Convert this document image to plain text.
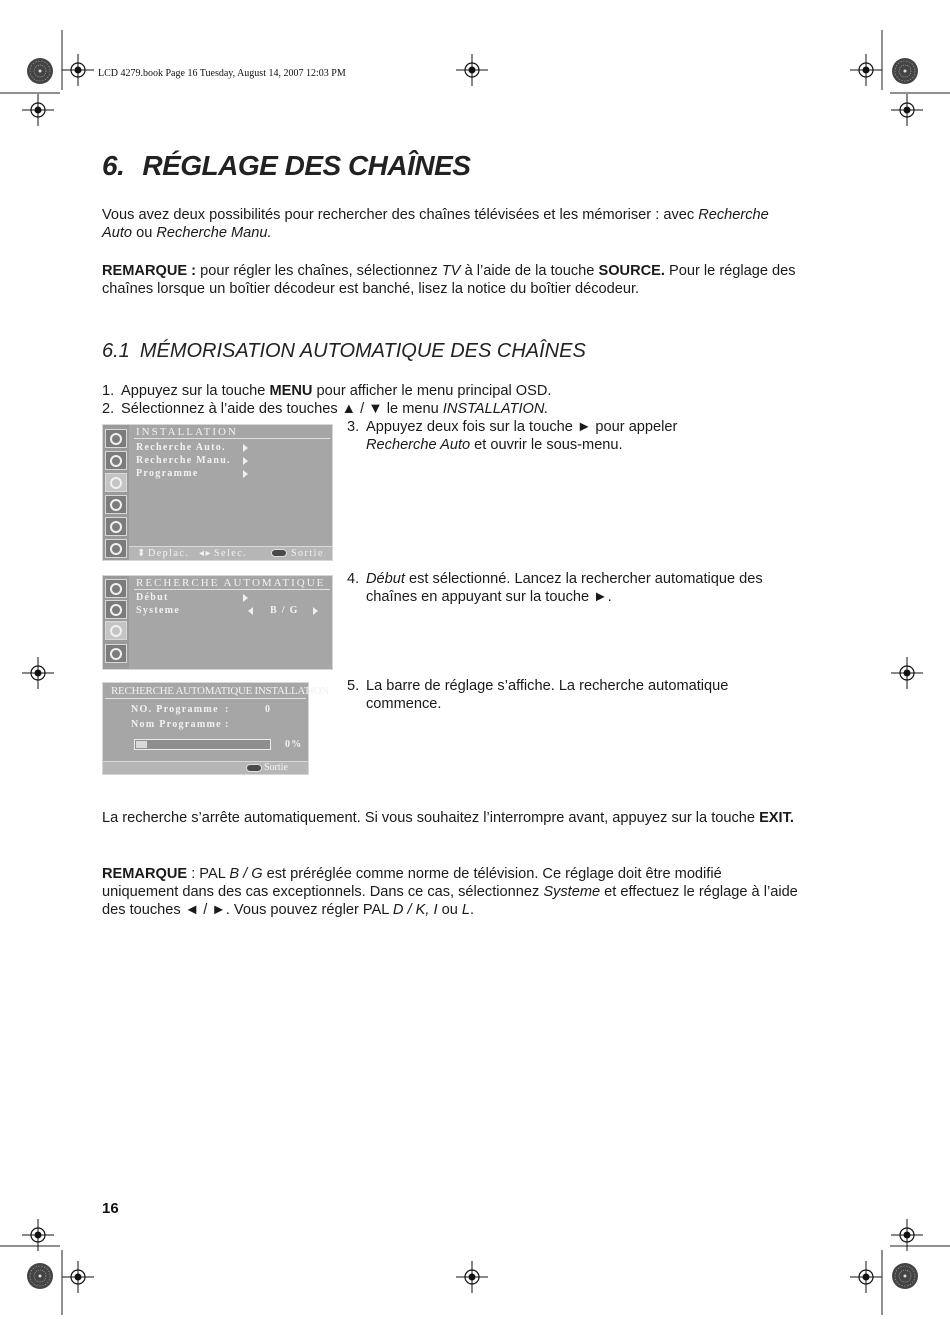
LCD 4279.book Page 16 Tuesday, August 14, 2007 12:03 PM
6. RÉGLAGE DES CHAÎNES
Vous avez deux possibilités pour rechercher des chaînes télévisées et les mémoriser : avec Recherche Auto ou Recherche Manu.
REMARQUE : pour régler les chaînes, sélectionnez TV à l’aide de la touche SOURCE. Pour le réglage des chaînes lorsque un boîtier décodeur est banché, lisez la notice du boîtier décodeur.
6.1 MÉMORISATION AUTOMATIQUE DES CHAÎNES
1. Appuyez sur la touche MENU pour afficher le menu principal OSD.
2. Sélectionnez à l’aide des touches ▲ / ▼ le menu INSTALLATION.
INSTALLATION
Recherche Auto.
Recherche Manu.
Programme
⬍ Deplac. ◂▸ Selec.	Sortie
3. Appuyez deux fois sur la touche ► pour appeler
Recherche Auto et ouvrir le sous-menu.
RECHERCHE AUTOMATIQUE
Début
Systeme	B / G
4. Début est sélectionné. Lancez la rechercher automatique des
chaînes en appuyant sur la touche ►.
RECHERCHE AUTOMATIQUE INSTALLATION
NO. Programme :	0
Nom Programme :
0%
Sortie
5. La barre de réglage s’affiche. La recherche automatique
commence.
La recherche s’arrête automatiquement. Si vous souhaitez l’interrompre avant, appuyez sur la touche EXIT.
REMARQUE : PAL B / G est préréglée comme norme de télévision. Ce réglage doit être modifié uniquement dans des cas exceptionnels. Dans ce cas, sélectionnez Systeme et effectuez le réglage à l’aide des touches ◄ / ►. Vous pouvez régler PAL D / K, I ou L.
16
